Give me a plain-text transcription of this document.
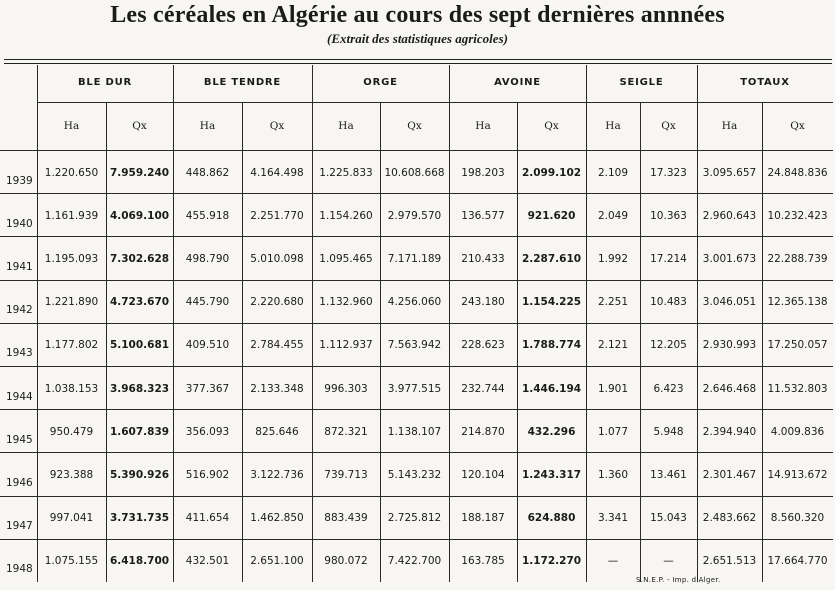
Les céréales en Algérie au cours des sept dernières annnées
(Extrait des statistiques agricoles)
BLE DUR	BLE TENDRE	ORGE	AVOINE	SEIGLE	TOTAUX
Ha	Qx	Ha	Qx	Ha	Qx	Ha	Qx	Ha	Qx	Ha	Qx
1939
1.220.650	7.959.240	448.862	4.164.498	1.225.833	10.608.668	198.203	2.099.102	2.109	17.323	3.095.657	24.848.836
1940
1.161.939	4.069.100	455.918	2.251.770	1.154.260	2.979.570	136.577	921.620	2.049	10.363	2.960.643	10.232.423
1941
1.195.093	7.302.628	498.790	5.010.098	1.095.465	7.171.189	210.433	2.287.610	1.992	17.214	3.001.673	22.288.739
1942
1.221.890	4.723.670	445.790	2.220.680	1.132.960	4.256.060	243.180	1.154.225	2.251	10.483	3.046.051	12.365.138
1943
1.177.802	5.100.681	409.510	2.784.455	1.112.937	7.563.942	228.623	1.788.774	2.121	12.205	2.930.993	17.250.057
1944
1.038.153	3.968.323	377.367	2.133.348	996.303	3.977.515	232.744	1.446.194	1.901	6.423	2.646.468	11.532.803
1945
950.479	1.607.839	356.093	825.646	872.321	1.138.107	214.870	432.296	1.077	5.948	2.394.940	4.009.836
1946
923.388	5.390.926	516.902	3.122.736	739.713	5.143.232	120.104	1.243.317	1.360	13.461	2.301.467	14.913.672
1947
997.041	3.731.735	411.654	1.462.850	883.439	2.725.812	188.187	624.880	3.341	15.043	2.483.662	8.560.320
1948
1.075.155	6.418.700	432.501	2.651.100	980.072	7.422.700	163.785	1.172.270	—	—	2.651.513	17.664.770
S.N.E.P. - Imp. d'Alger.
